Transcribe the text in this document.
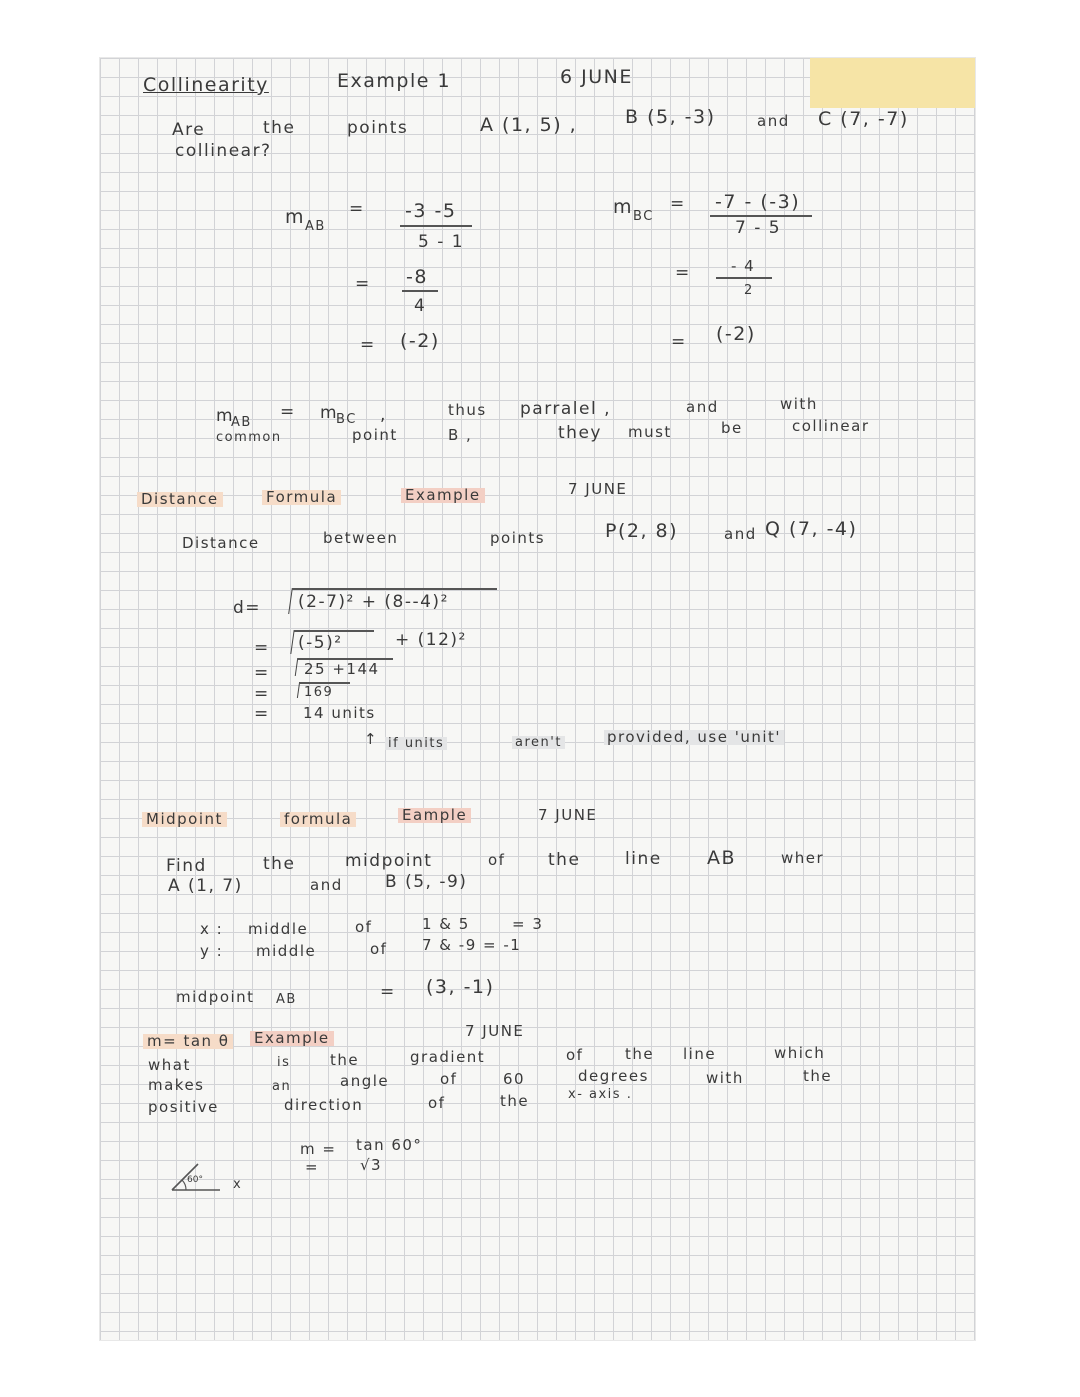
Collinearity	Example 1	6 JUNE
Are	the	points
collinear?
A (1, 5) ,	B (5, -3)	and C (7, -7)
m AB
= -3 -5
5 - 1
= -8
4
= (-2)
m BC
= -7 - (-3)
7 - 5
=	- 4
2
= (-2)
m
AB
= m
BC ,	thus parralel ,	and	with
common	point	B ,	they must	be	collinear
Distance	Formula	Example	7 JUNE
Distance	between	points	P(2, 8)	and Q (7, -4)
d= (2-7)² + (8--4)²
= (-5)²	+ (12)²
= 25 +144
=	169
= 14 units
↑ if units	aren't	provided, use 'unit'
Midpoint	formula	Eample	7 JUNE
Find	the	midpoint	of	the	line AB	wher
A (1, 7)	and B (5, -9)
x : middle	of	1 & 5	= 3
y : middle	of 7 & -9 = -1
midpoint AB	= (3, -1)
m= tan θ Example	7 JUNE
what
makes
positive
is	the	gradient	of	the line	which
an	angle	of	60	degrees	with	the
direction	of	the	x- axis .
m = tan 60°
=	√3
60° x
